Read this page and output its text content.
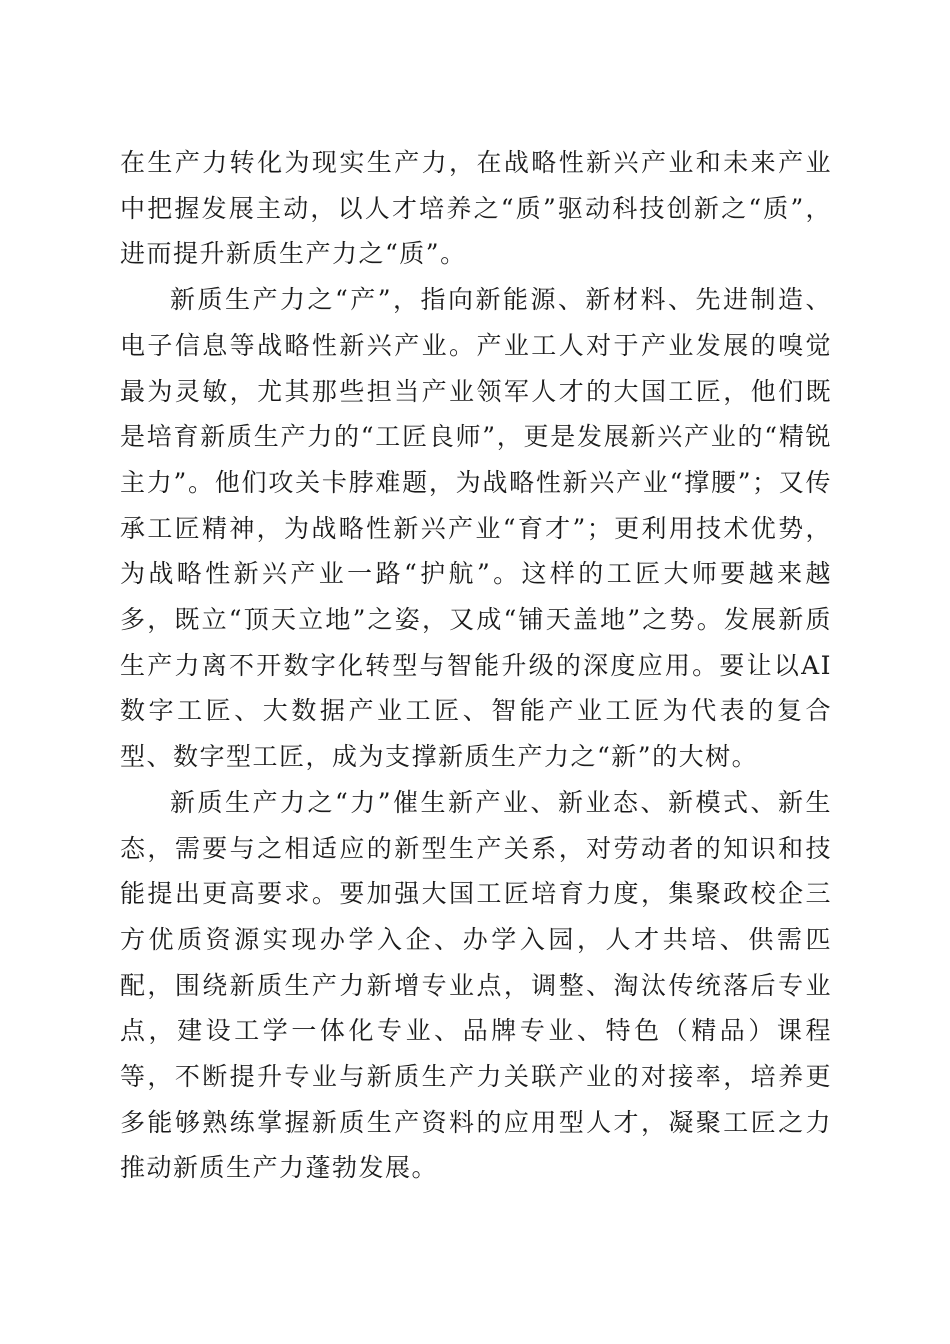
在生产力转化为现实生产力，在战略性新兴产业和未来产业中把握发展主动，以人才培养之“质”驱动科技创新之“质”，进而提升新质生产力之“质”。

新质生产力之“产”，指向新能源、新材料、先进制造、电子信息等战略性新兴产业。产业工人对于产业发展的嗅觉最为灵敏，尤其那些担当产业领军人才的大国工匠，他们既是培育新质生产力的“工匠良师”，更是发展新兴产业的“精锐主力”。他们攻关卡脖难题，为战略性新兴产业“撑腰”；又传承工匠精神，为战略性新兴产业“育才”；更利用技术优势，为战略性新兴产业一路“护航”。这样的工匠大师要越来越多，既立“顶天立地”之姿，又成“铺天盖地”之势。发展新质生产力离不开数字化转型与智能升级的深度应用。要让以AI数字工匠、大数据产业工匠、智能产业工匠为代表的复合型、数字型工匠，成为支撑新质生产力之“新”的大树。

新质生产力之“力”催生新产业、新业态、新模式、新生态，需要与之相适应的新型生产关系，对劳动者的知识和技能提出更高要求。要加强大国工匠培育力度，集聚政校企三方优质资源实现办学入企、办学入园，人才共培、供需匹配，围绕新质生产力新增专业点，调整、淘汰传统落后专业点，建设工学一体化专业、品牌专业、特色（精品）课程等，不断提升专业与新质生产力关联产业的对接率，培养更多能够熟练掌握新质生产资料的应用型人才，凝聚工匠之力推动新质生产力蓬勃发展。
